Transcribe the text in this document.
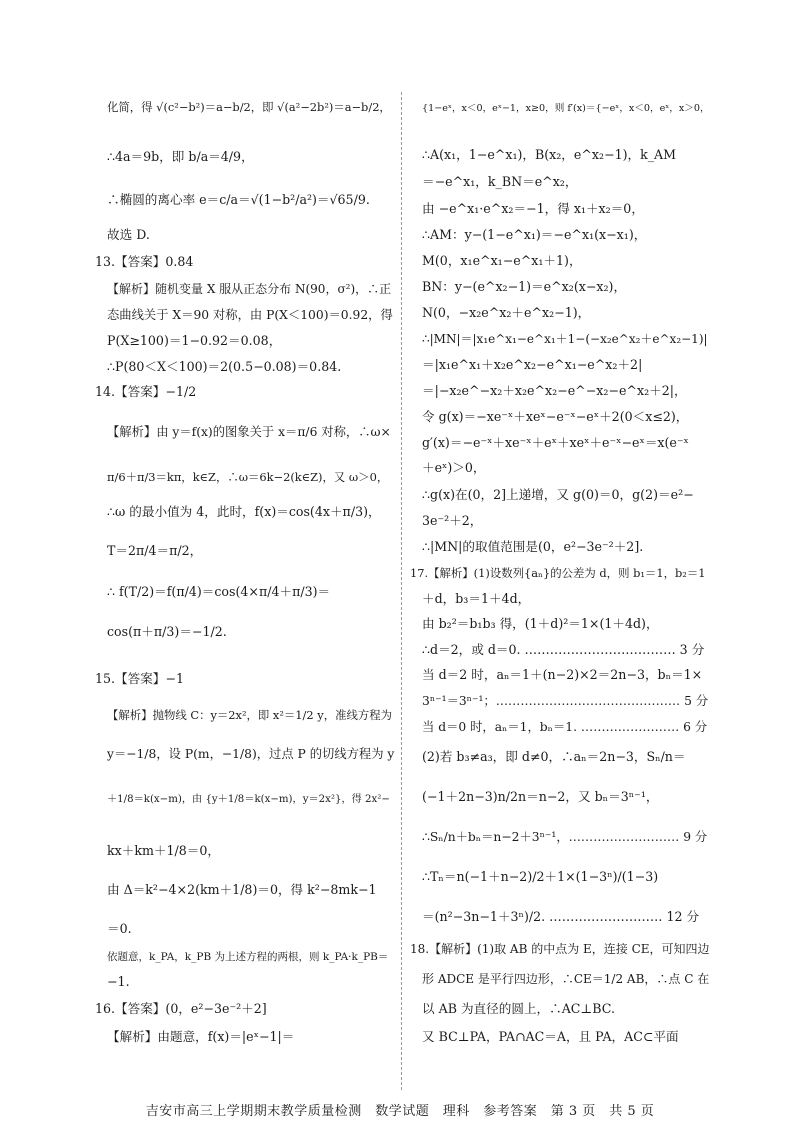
化简，得 √(c²−b²)＝a−b/2，即 √(a²−2b²)＝a−b/2，
∴4a＝9b，即 b/a＝4/9，
∴椭圆的离心率 e＝c/a＝√(1−b²/a²)＝√65/9.
故选 D.
13.【答案】0.84
【解析】随机变量 X 服从正态分布 N(90，σ²)，∴正
态曲线关于 X＝90 对称，由 P(X＜100)＝0.92，得
P(X≥100)＝1−0.92＝0.08，
∴P(80＜X＜100)＝2(0.5−0.08)＝0.84.
14.【答案】−1/2
【解析】由 y＝f(x)的图象关于 x＝π/6 对称，∴ω×
π/6＋π/3＝kπ，k∈Z，∴ω＝6k−2(k∈Z)，又 ω＞0，
∴ω 的最小值为 4，此时，f(x)＝cos(4x＋π/3)，
T＝2π/4＝π/2，
∴ f(T/2)＝f(π/4)＝cos(4×π/4＋π/3)＝
cos(π＋π/3)＝−1/2.
15.【答案】−1
【解析】抛物线 C：y＝2x²，即 x²＝1/2 y，准线方程为
y＝−1/8，设 P(m，−1/8)，过点 P 的切线方程为 y
＋1/8＝k(x−m)，由 {y＋1/8＝k(x−m)，y＝2x²}，得 2x²−
kx＋km＋1/8＝0，
由 Δ＝k²−4×2(km＋1/8)＝0，得 k²−8mk−1
＝0.
依题意，k_PA，k_PB 为上述方程的两根，则 k_PA·k_PB＝
−1.
16.【答案】(0，e²−3e⁻²＋2]
【解析】由题意，f(x)＝|eˣ−1|＝
{1−eˣ，x＜0，eˣ−1，x≥0，则 f′(x)＝{−eˣ，x＜0，eˣ，x＞0，
∴A(x₁，1−e^x₁)，B(x₂，e^x₂−1)，k_AM
＝−e^x₁，k_BN＝e^x₂，
由 −e^x₁·e^x₂＝−1，得 x₁＋x₂＝0，
∴AM：y−(1−e^x₁)＝−e^x₁(x−x₁)，
M(0，x₁e^x₁−e^x₁＋1)，
BN：y−(e^x₂−1)＝e^x₂(x−x₂)，
N(0，−x₂e^x₂＋e^x₂−1)，
∴|MN|＝|x₁e^x₁−e^x₁＋1−(−x₂e^x₂＋e^x₂−1)|
＝|x₁e^x₁＋x₂e^x₂−e^x₁−e^x₂＋2|
＝|−x₂e^−x₂＋x₂e^x₂−e^−x₂−e^x₂＋2|，
令 g(x)＝−xe⁻ˣ＋xeˣ−e⁻ˣ−eˣ＋2(0＜x≤2)，
g′(x)＝−e⁻ˣ＋xe⁻ˣ＋eˣ＋xeˣ＋e⁻ˣ−eˣ＝x(e⁻ˣ
＋eˣ)＞0，
∴g(x)在(0，2]上递增，又 g(0)＝0，g(2)＝e²−
3e⁻²＋2，
∴|MN|的取值范围是(0，e²−3e⁻²＋2].
17.【解析】(1)设数列{aₙ}的公差为 d，则 b₁＝1，b₂＝1
＋d，b₃＝1＋4d，
由 b₂²＝b₁b₃ 得，(1＋d)²＝1×(1＋4d)，
∴d＝2，或 d＝0. ……………………………… 3 分
当 d＝2 时，aₙ＝1＋(n−2)×2＝2n−3，bₙ＝1×
3ⁿ⁻¹＝3ⁿ⁻¹；……………………………………… 5 分
当 d＝0 时，aₙ＝1，bₙ＝1. …………………… 6 分
(2)若 b₃≠a₃，即 d≠0，∴aₙ＝2n−3，Sₙ/n＝
(−1＋2n−3)n/2n＝n−2，又 bₙ＝3ⁿ⁻¹，
∴Sₙ/n＋bₙ＝n−2＋3ⁿ⁻¹，……………………… 9 分
∴Tₙ＝n(−1＋n−2)/2＋1×(1−3ⁿ)/(1−3)
＝(n²−3n−1＋3ⁿ)/2. ……………………… 12 分
18.【解析】(1)取 AB 的中点为 E，连接 CE，可知四边
形 ADCE 是平行四边形，∴CE＝1/2 AB，∴点 C 在
以 AB 为直径的圆上，∴AC⊥BC.
又 BC⊥PA，PA∩AC＝A，且 PA，AC⊂平面
吉安市高三上学期期末教学质量检测　数学试题　理科　参考答案　第 3 页　共 5 页
